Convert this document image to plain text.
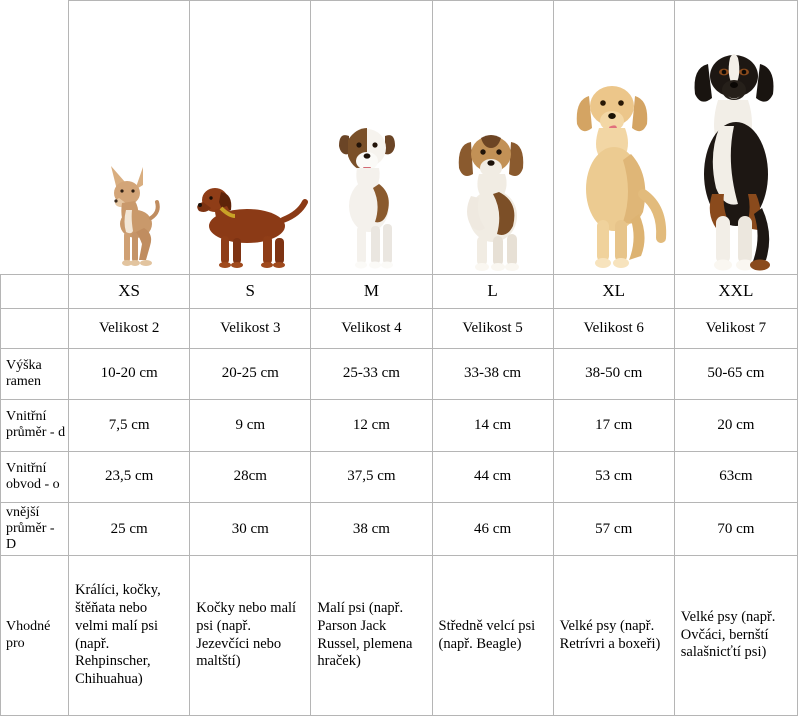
	XS	S	M	L	XL	XXL
	Velikost 2	Velikost 3	Velikost 4	Velikost 5	Velikost 6	Velikost 7
Výška ramen	10-20 cm	20-25 cm	25-33 cm	33-38 cm	38-50 cm	50-65 cm
Vnitřní průměr - d	7,5 cm	9 cm	12 cm	14 cm	17 cm	20 cm
Vnitřní obvod - o	23,5 cm	28cm	37,5 cm	44 cm	53 cm	63cm
vnější průměr - D	25 cm	30 cm	38 cm	46 cm	57 cm	70 cm
Vhodné pro	Králíci, kočky, štěňata nebo velmi malí psi (např. Rehpinscher, Chihuahua)	Kočky nebo malí psi (např. Jezevčíci nebo maltští)	Malí psi (např. Parson Jack Russel, plemena hraček)	Středně velcí psi (např. Beagle)	Velké psy (např. Retrívri a boxeři)	Velké psy (např. Ovčáci, bernští salašnicťtí psi)
